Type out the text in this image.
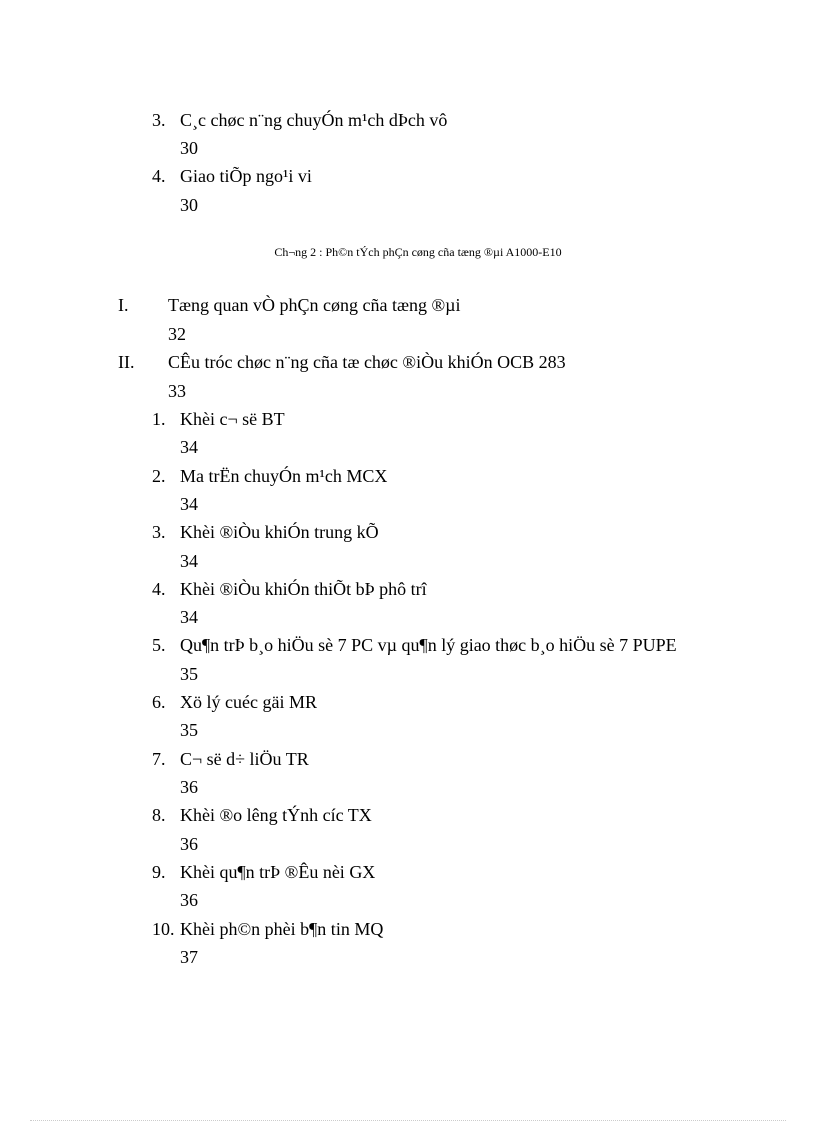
3. C¸c chøc n¨ng chuyÓn m¹ch dÞch vô
30
4. Giao tiÕp ngo¹i vi
30
Ch¬ng 2 : Ph©n tÝch phÇn cøng cña tæng ®µi A1000-E10
I. Tæng quan vÒ phÇn cøng cña tæng ®µi
32
II. CÊu tróc chøc n¨ng cña tæ chøc ®iÒu khiÓn OCB 283
33
1. Khèi c¬ së BT
34
2. Ma trËn chuyÓn m¹ch MCX
34
3. Khèi ®iÒu khiÓn trung kÕ
34
4. Khèi ®iÒu khiÓn thiÕt bÞ phô trî
34
5. Qu¶n trÞ b¸o hiÖu sè 7 PC vµ qu¶n lý giao thøc b¸o hiÖu sè 7 PUPE
35
6. Xö lý cuéc gäi MR
35
7. C¬ së d÷ liÖu TR
36
8. Khèi ®o lêng tÝnh cíc TX
36
9. Khèi qu¶n trÞ ®Êu nèi GX
36
10. Khèi ph©n phèi b¶n tin MQ
37
